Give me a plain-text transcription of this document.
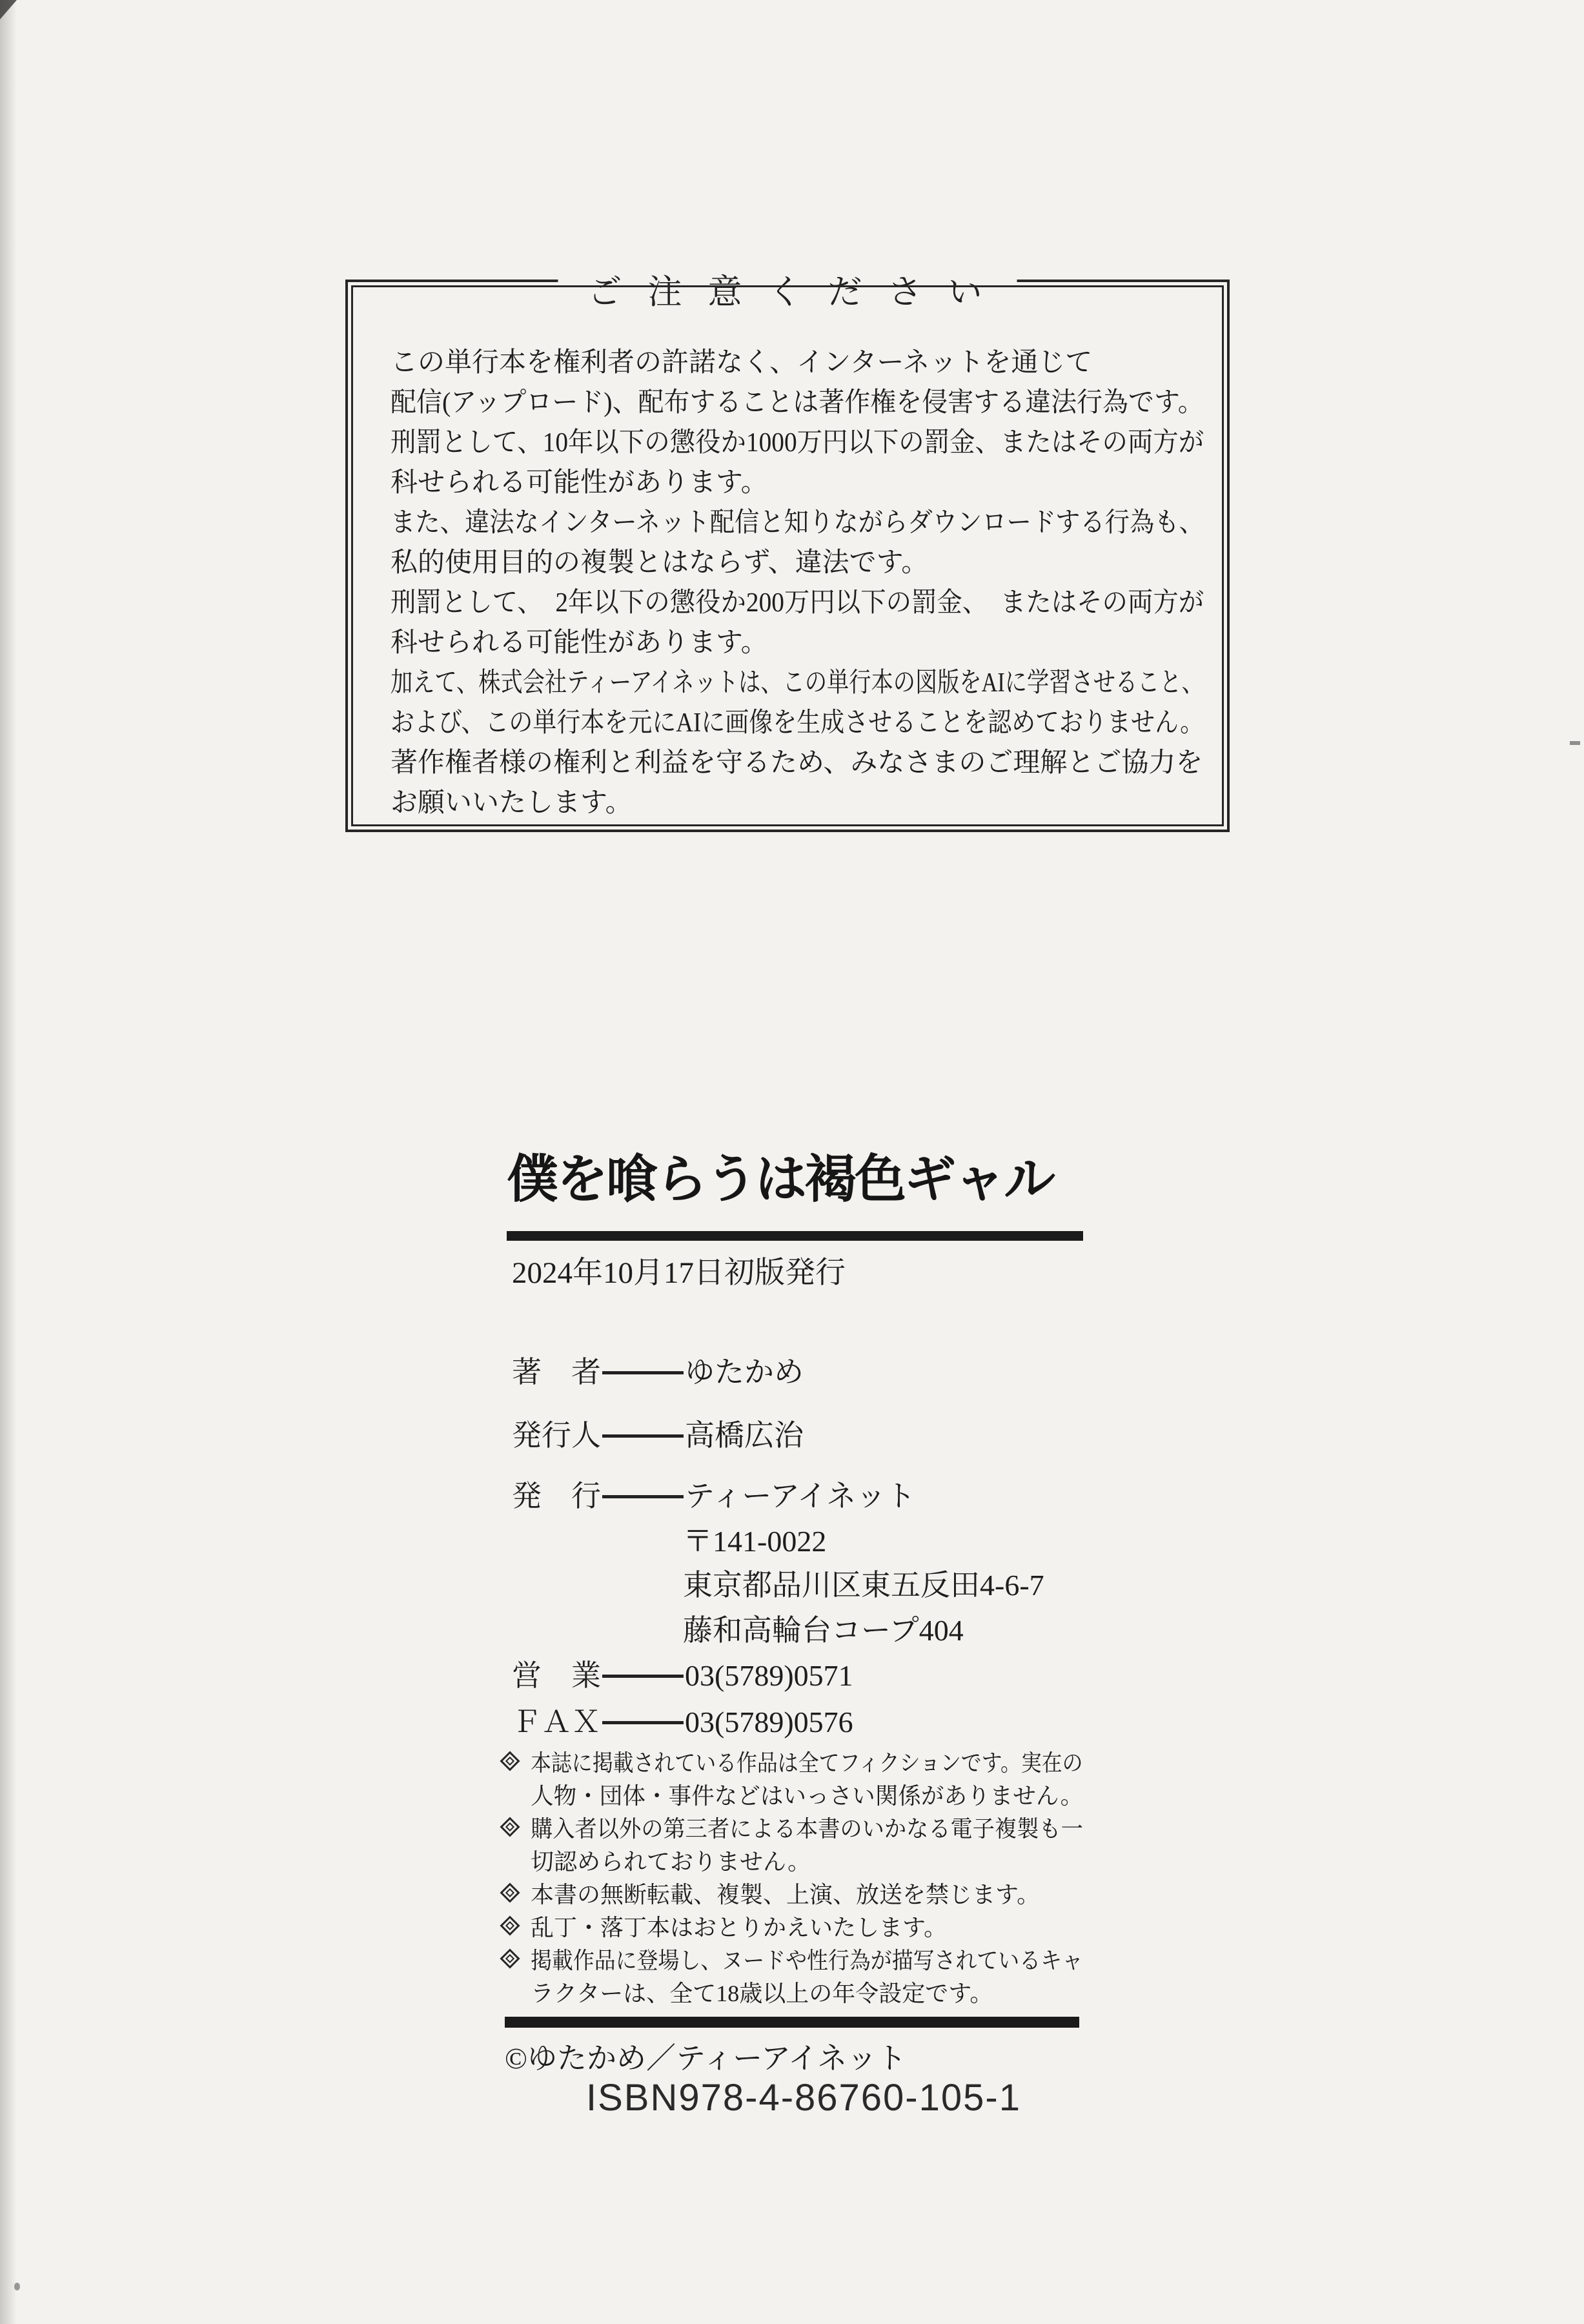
ご注意ください
この単行本を権利者の許諾なく、インターネットを通じて
配信(アップロード)、配布することは著作権を侵害する違法行為です。
刑罰として、10年以下の懲役か1000万円以下の罰金、またはその両方が
科せられる可能性があります。
また、違法なインターネット配信と知りながらダウンロードする行為も、
私的使用目的の複製とはならず、違法です。
刑罰として、　2年以下の懲役か200万円以下の罰金、　またはその両方が
科せられる可能性があります。
加えて、株式会社ティーアイネットは、この単行本の図版をAIに学習させること、
および、この単行本を元にAIに画像を生成させることを認めておりません。
著作権者様の権利と利益を守るため、みなさまのご理解とご協力を
お願いいたします。
僕を喰らうは褐色ギャル
2024年10月17日初版発行
著　者	ゆたかめ
発行人	高橋広治
発　行	ティーアイネット
〒141-0022
東京都品川区東五反田4-6-7
藤和高輪台コープ404
営　業	03(5789)0571
ＦＡＸ	03(5789)0576
本誌に掲載されている作品は全てフィクションです。実在の
人物・団体・事件などはいっさい関係がありません。
購入者以外の第三者による本書のいかなる電子複製も一
切認められておりません。
本書の無断転載、複製、上演、放送を禁じます。
乱丁・落丁本はおとりかえいたします。
掲載作品に登場し、ヌードや性行為が描写されているキャ
ラクターは、全て18歳以上の年令設定です。
©ゆたかめ／ティーアイネット
ISBN978-4-86760-105-1
